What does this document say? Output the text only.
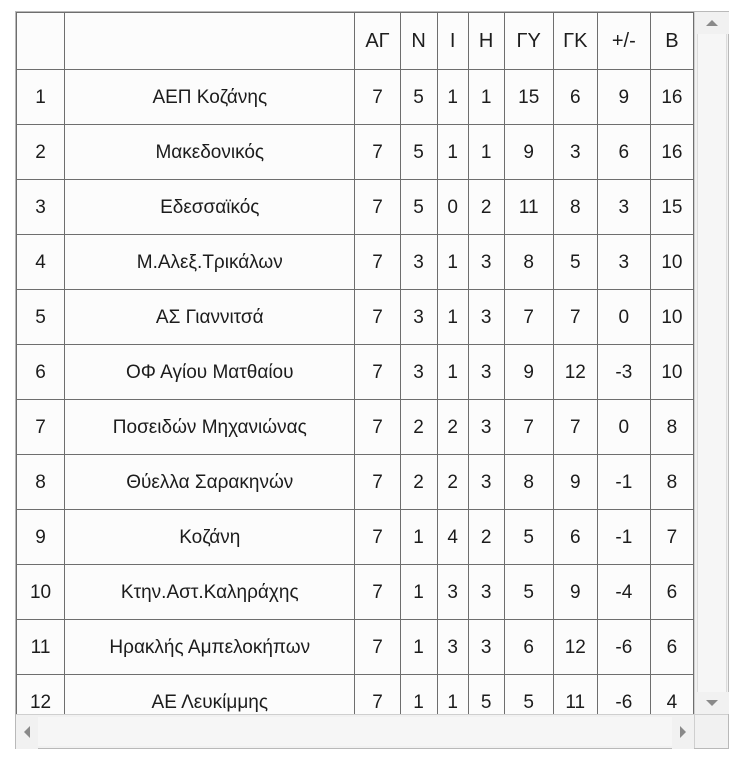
		ΑΓ	Ν	Ι	Η	ΓΥ	ΓΚ	+/-	Β
1	ΑΕΠ Κοζάνης	7	5	1	1	15	6	9	16
2	Μακεδονικός	7	5	1	1	9	3	6	16
3	Εδεσσαϊκός	7	5	0	2	11	8	3	15
4	Μ.Αλεξ.Τρικάλων	7	3	1	3	8	5	3	10
5	ΑΣ Γιαννιτσά	7	3	1	3	7	7	0	10
6	ΟΦ Αγίου Ματθαίου	7	3	1	3	9	12	-3	10
7	Ποσειδών Μηχανιώνας	7	2	2	3	7	7	0	8
8	Θύελλα Σαρακηνών	7	2	2	3	8	9	-1	8
9	Κοζάνη	7	1	4	2	5	6	-1	7
10	Κτην.Αστ.Καληράχης	7	1	3	3	5	9	-4	6
11	Ηρακλής Αμπελοκήπων	7	1	3	3	6	12	-6	6
12	ΑΕ Λευκίμμης	7	1	1	5	5	11	-6	4
